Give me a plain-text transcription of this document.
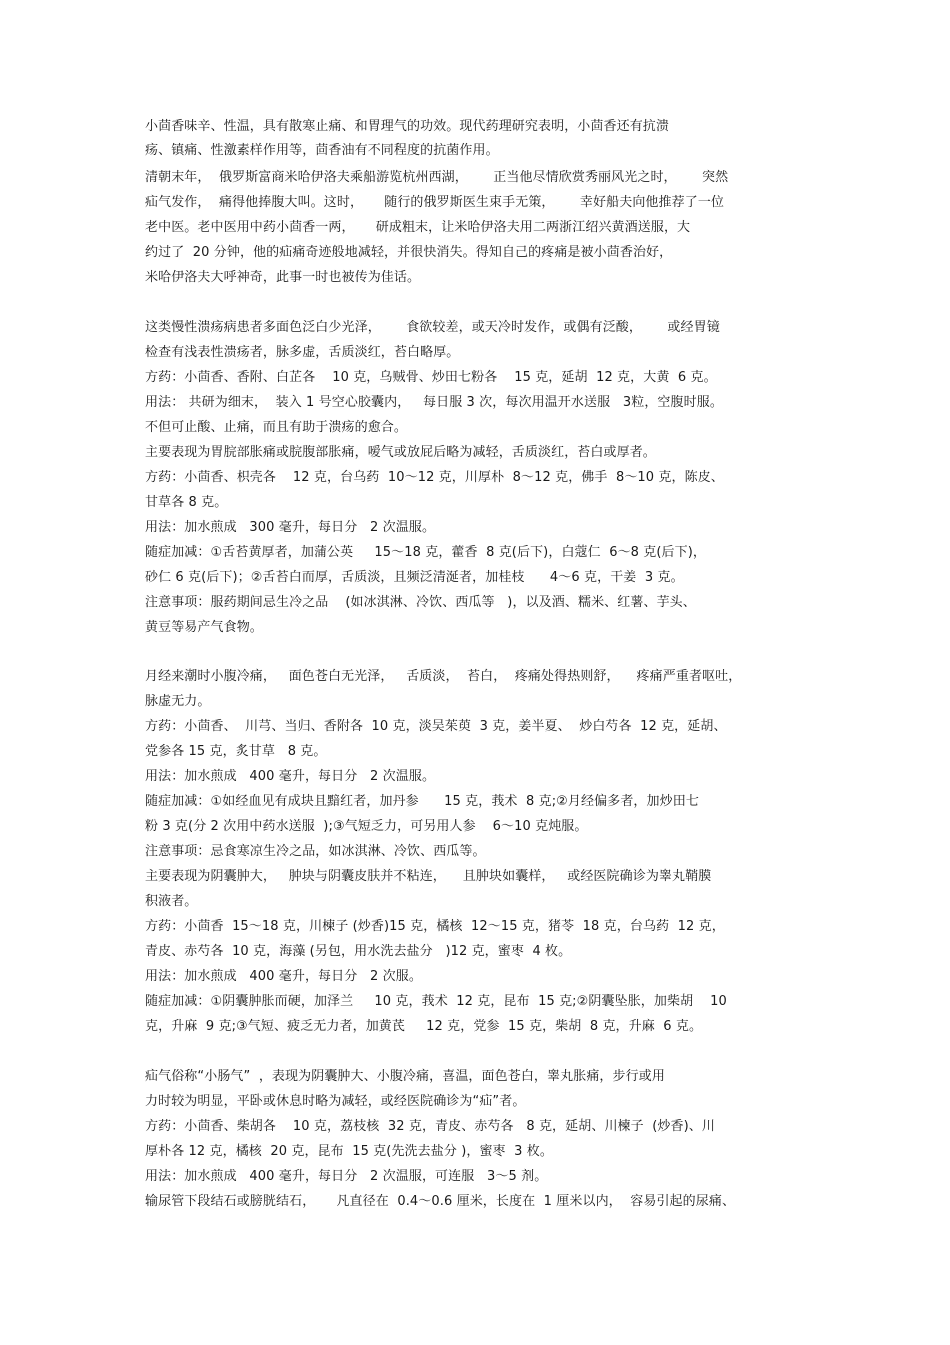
小茴香味辛、性温，具有散寒止痛、和胃理气的功效。现代药理研究表明，小茴香还有抗溃
疡、镇痛、性激素样作用等，茴香油有不同程度的抗菌作用。
清朝末年，  俄罗斯富商米哈伊洛夫乘船游览杭州西湖，      正当他尽情欣赏秀丽风光之时，      突然
疝气发作，  痛得他捧腹大叫。这时，     随行的俄罗斯医生束手无策，      幸好船夫向他推荐了一位
老中医。老中医用中药小茴香一两，     研成粗末，让米哈伊洛夫用二两浙江绍兴黄酒送服，大
约过了  20 分钟，他的疝痛奇迹般地减轻，并很快消失。得知自己的疼痛是被小茴香治好，
米哈伊洛夫大呼神奇，此事一时也被传为佳话。
这类慢性溃疡病患者多面色泛白少光泽，      食欲较差，或天冷时发作，或偶有泛酸，      或经胃镜
检查有浅表性溃疡者，脉多虚，舌质淡红，苔白略厚。
方药：小茴香、香附、白芷各    10 克，乌贼骨、炒田七粉各    15 克，延胡  12 克，大黄  6 克。
用法： 共研为细末，  装入 1 号空心胶囊内，   每日服 3 次，每次用温开水送服   3粒，空腹时服。
不但可止酸、止痛，而且有助于溃疡的愈合。
主要表现为胃脘部胀痛或脘腹部胀痛，嗳气或放屁后略为减轻，舌质淡红，苔白或厚者。
方药：小茴香、枳壳各    12 克，台乌药  10～12 克，川厚朴  8～12 克，佛手  8～10 克，陈皮、
甘草各 8 克。
用法：加水煎成   300 毫升，每日分   2 次温服。
随症加减：①舌苔黄厚者，加蒲公英     15～18 克，藿香  8 克(后下)，白蔻仁  6～8 克(后下)，
砂仁 6 克(后下)；②舌苔白而厚，舌质淡，且频泛清涎者，加桂枝      4～6 克，干姜  3 克。
注意事项：服药期间忌生冷之品    (如冰淇淋、冷饮、西瓜等   )，以及酒、糯米、红薯、芋头、
黄豆等易产气食物。
月经来潮时小腹冷痛，   面色苍白无光泽，   舌质淡，  苔白，  疼痛处得热则舒，    疼痛严重者呕吐，
脉虚无力。
方药：小茴香、  川芎、当归、香附各  10 克，淡吴茱萸  3 克，姜半夏、  炒白芍各  12 克，延胡、
党参各 15 克，炙甘草   8 克。
用法：加水煎成   400 毫升，每日分   2 次温服。
随症加减：①如经血见有成块且黯红者，加丹参      15 克，莪术  8 克;②月经偏多者，加炒田七
粉 3 克(分 2 次用中药水送服  );③气短乏力，可另用人参    6～10 克炖服。
注意事项：忌食寒凉生冷之品，如冰淇淋、冷饮、西瓜等。
主要表现为阴囊肿大，   肿块与阴囊皮肤并不粘连，    且肿块如囊样，   或经医院确诊为睾丸鞘膜
积液者。
方药：小茴香  15～18 克，川楝子 (炒香)15 克，橘核  12～15 克，猪苓  18 克，台乌药  12 克，
青皮、赤芍各  10 克，海藻 (另包，用水洗去盐分   )12 克，蜜枣  4 枚。
用法：加水煎成   400 毫升，每日分   2 次服。
随症加减：①阴囊肿胀而硬，加泽兰     10 克，莪术  12 克，昆布  15 克;②阴囊坠胀，加柴胡    10
克，升麻  9 克;③气短、疲乏无力者，加黄芪     12 克，党参  15 克，柴胡  8 克，升麻  6 克。
疝气俗称“小肠气”  ，表现为阴囊肿大、小腹冷痛，喜温，面色苍白，睾丸胀痛，步行或用
力时较为明显，平卧或休息时略为减轻，或经医院确诊为“疝”者。
方药：小茴香、柴胡各    10 克，荔枝核  32 克，青皮、赤芍各   8 克，延胡、川楝子  (炒香)、川
厚朴各 12 克，橘核  20 克，昆布  15 克(先洗去盐分 )，蜜枣  3 枚。
用法：加水煎成   400 毫升，每日分   2 次温服，可连服   3～5 剂。
输尿管下段结石或膀胱结石，     凡直径在  0.4～0.6 厘米，长度在  1 厘米以内，  容易引起的尿痛、
